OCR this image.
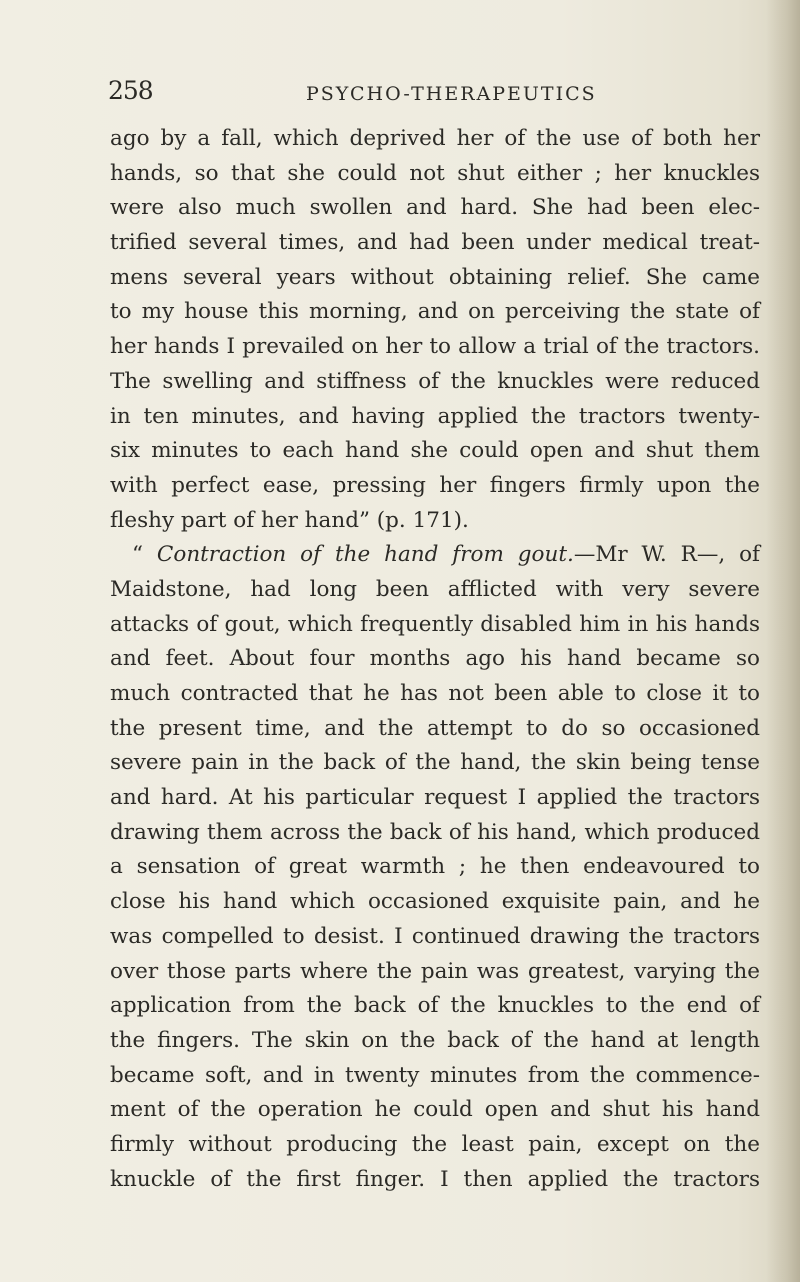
258	PSYCHO-THERAPEUTICS
ago by a fall, which deprived her of the use of both her
hands, so that she could not shut either ; her knuckles
were also much swollen and hard. She had been elec-
trified several times, and had been under medical treat-
mens several years without obtaining relief. She came
to my house this morning, and on perceiving the state of
her hands I prevailed on her to allow a trial of the tractors.
The swelling and stiffness of the knuckles were reduced
in ten minutes, and having applied the tractors twenty-
six minutes to each hand she could open and shut them
with perfect ease, pressing her fingers firmly upon the
fleshy part of her hand” (p. 171).
“ Contraction of the hand from gout.—Mr W. R—, of
Maidstone, had long been afflicted with very severe
attacks of gout, which frequently disabled him in his hands
and feet. About four months ago his hand became so
much contracted that he has not been able to close it to
the present time, and the attempt to do so occasioned
severe pain in the back of the hand, the skin being tense
and hard. At his particular request I applied the tractors
drawing them across the back of his hand, which produced
a sensation of great warmth ; he then endeavoured to
close his hand which occasioned exquisite pain, and he
was compelled to desist. I continued drawing the tractors
over those parts where the pain was greatest, varying the
application from the back of the knuckles to the end of
the fingers. The skin on the back of the hand at length
became soft, and in twenty minutes from the commence-
ment of the operation he could open and shut his hand
firmly without producing the least pain, except on the
knuckle of the first finger. I then applied the tractors
